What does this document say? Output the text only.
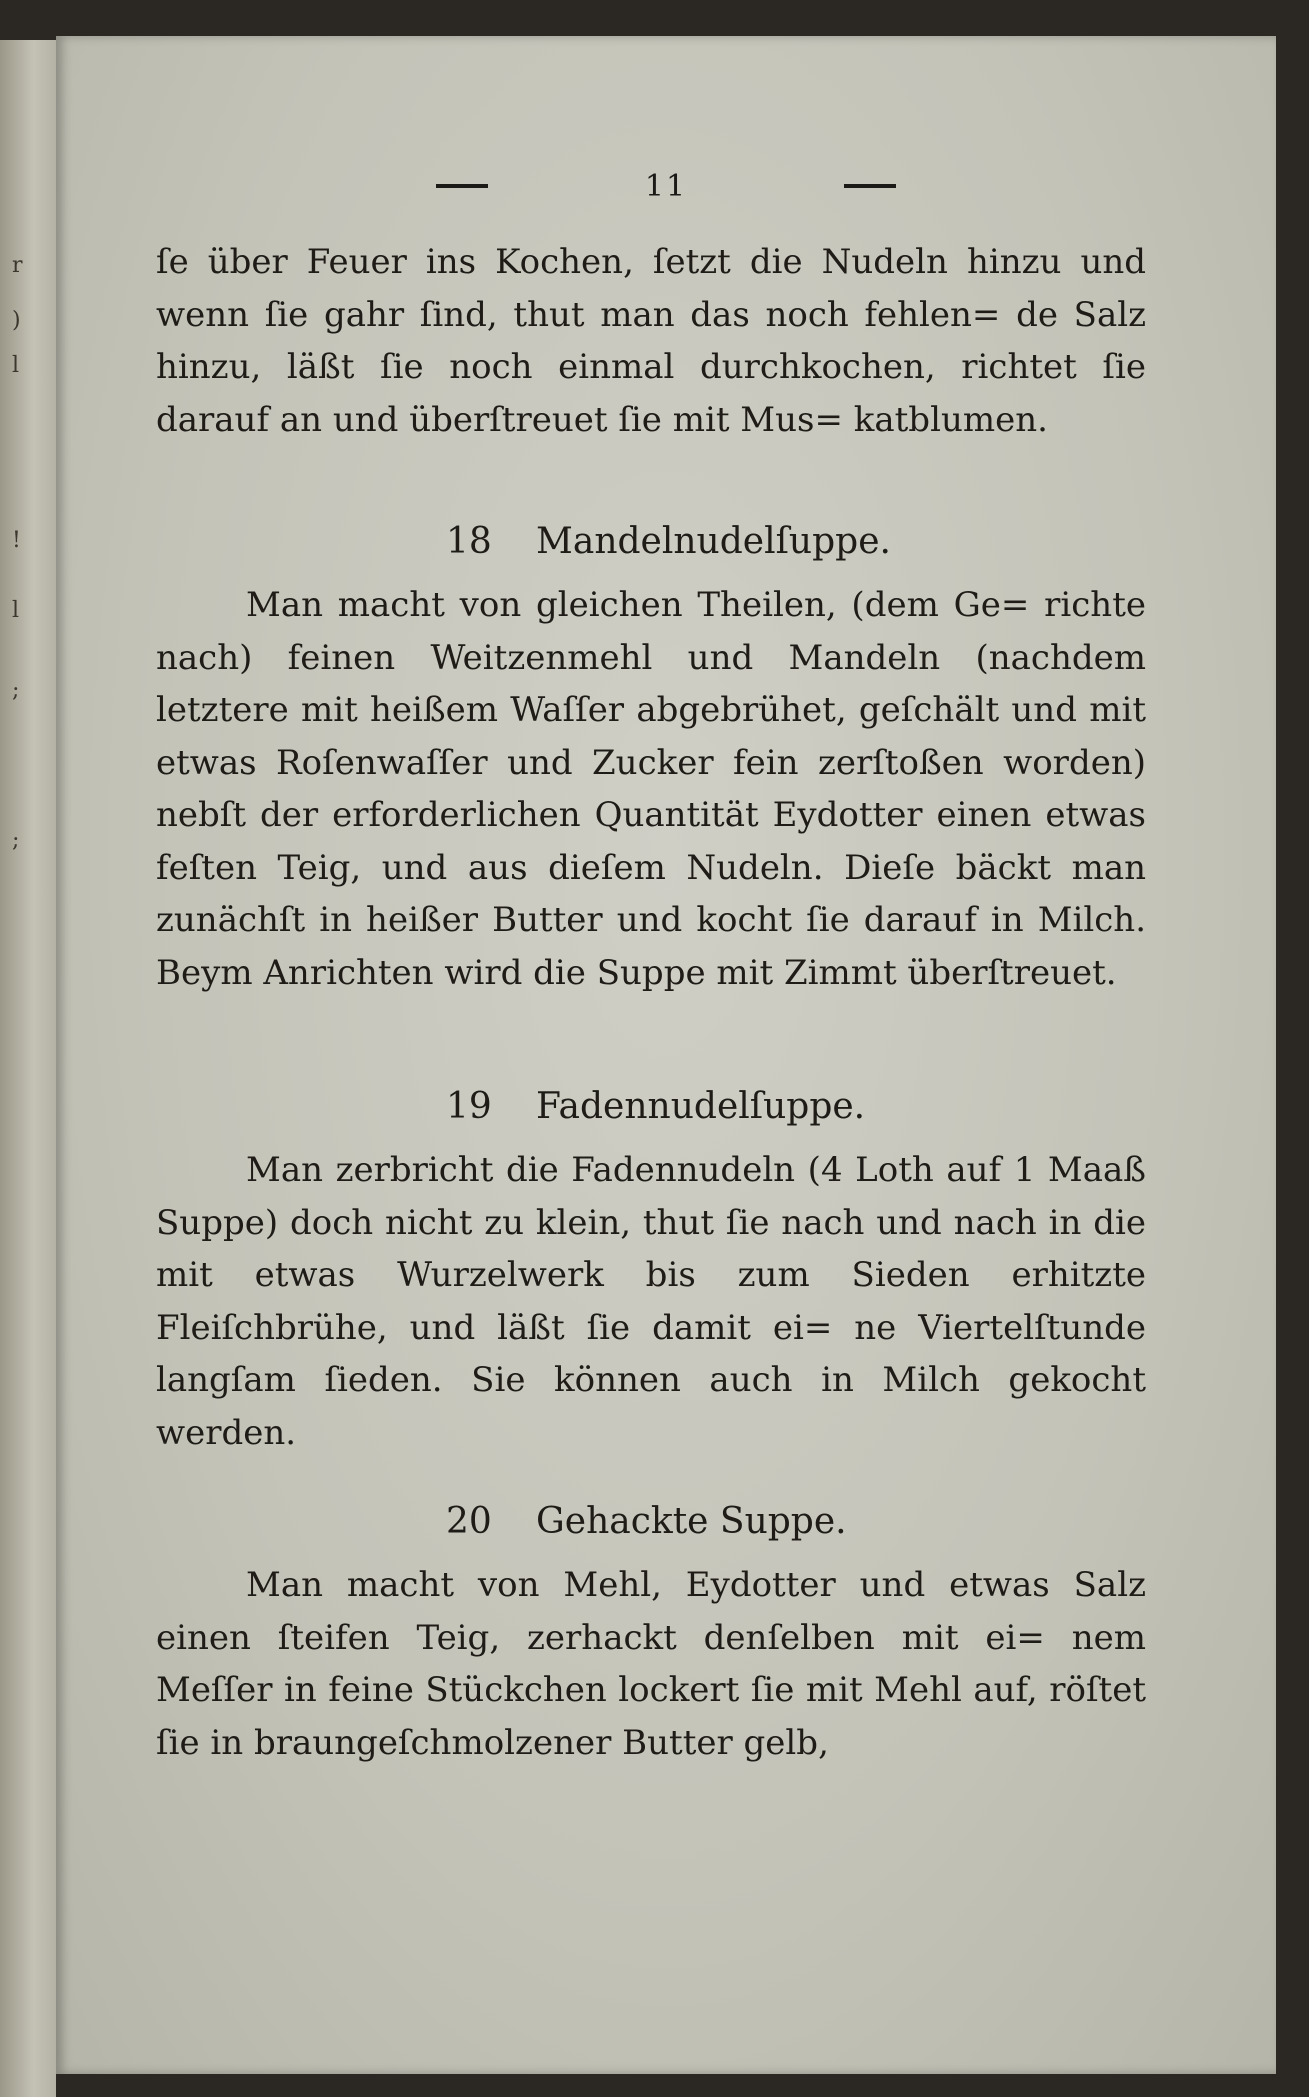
r
)
l
!
l
;
;
11

ſe über Feuer ins Kochen, ſetzt die Nudeln hinzu und wenn ſie gahr ſind, thut man das noch fehlen= de Salz hinzu, läßt ſie noch einmal durchkochen, richtet ſie darauf an und überſtreuet ſie mit Mus= katblumen.

18	Mandelnudelſuppe.

Man macht von gleichen Theilen, (dem Ge= richte nach) feinen Weitzenmehl und Mandeln (nachdem letztere mit heißem Waſſer abgebrühet, geſchält und mit etwas Roſenwaſſer und Zucker fein zerſtoßen worden) nebſt der erforderlichen Quantität Eydotter einen etwas feſten Teig, und aus dieſem Nudeln. Dieſe bäckt man zunächſt in heißer Butter und kocht ſie darauf in Milch. Beym Anrichten wird die Suppe mit Zimmt überſtreuet.

19	Fadennudelſuppe.

Man zerbricht die Fadennudeln (4 Loth auf 1 Maaß Suppe) doch nicht zu klein, thut ſie nach und nach in die mit etwas Wurzelwerk bis zum Sieden erhitzte Fleiſchbrühe, und läßt ſie damit ei= ne Viertelſtunde langſam ſieden. Sie können auch in Milch gekocht werden.

20	Gehackte Suppe.

Man macht von Mehl, Eydotter und etwas Salz einen ſteifen Teig, zerhackt denſelben mit ei= nem Meſſer in feine Stückchen lockert ſie mit Mehl auf, röſtet ſie in braungeſchmolzener Butter gelb,
